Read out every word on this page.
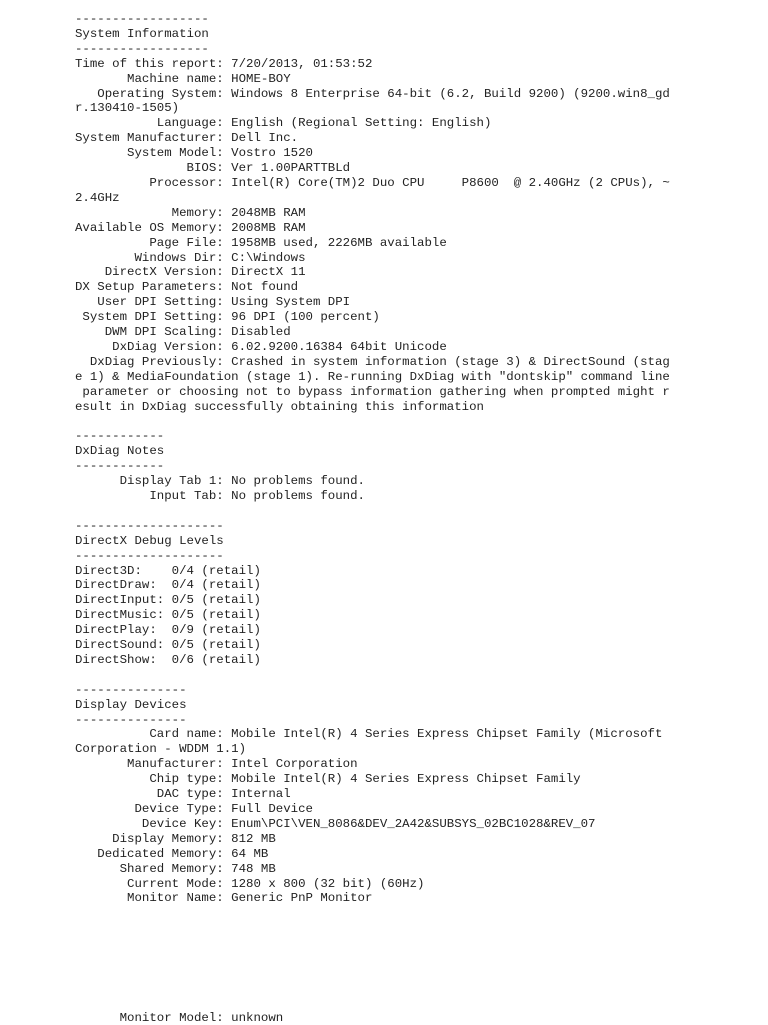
------------------
System Information
------------------
Time of this report: 7/20/2013, 01:53:52
Machine name: HOME-BOY
Operating System: Windows 8 Enterprise 64-bit (6.2, Build 9200) (9200.win8_gd
r.130410-1505)
Language: English (Regional Setting: English)
System Manufacturer: Dell Inc.
System Model: Vostro 1520
BIOS: Ver 1.00PARTTBLd
Processor: Intel(R) Core(TM)2 Duo CPU     P8600  @ 2.40GHz (2 CPUs), ~
2.4GHz
Memory: 2048MB RAM
Available OS Memory: 2008MB RAM
Page File: 1958MB used, 2226MB available
Windows Dir: C:\Windows
DirectX Version: DirectX 11
DX Setup Parameters: Not found
User DPI Setting: Using System DPI
System DPI Setting: 96 DPI (100 percent)
DWM DPI Scaling: Disabled
DxDiag Version: 6.02.9200.16384 64bit Unicode
DxDiag Previously: Crashed in system information (stage 3) & DirectSound (stag
e 1) & MediaFoundation (stage 1). Re-running DxDiag with "dontskip" command line
parameter or choosing not to bypass information gathering when prompted might r
esult in DxDiag successfully obtaining this information
------------
DxDiag Notes
------------
Display Tab 1: No problems found.
Input Tab: No problems found.
--------------------
DirectX Debug Levels
--------------------
Direct3D:    0/4 (retail)
DirectDraw:  0/4 (retail)
DirectInput: 0/5 (retail)
DirectMusic: 0/5 (retail)
DirectPlay:  0/9 (retail)
DirectSound: 0/5 (retail)
DirectShow:  0/6 (retail)
---------------
Display Devices
---------------
Card name: Mobile Intel(R) 4 Series Express Chipset Family (Microsoft
Corporation - WDDM 1.1)
Manufacturer: Intel Corporation
Chip type: Mobile Intel(R) 4 Series Express Chipset Family
DAC type: Internal
Device Type: Full Device
Device Key: Enum\PCI\VEN_8086&DEV_2A42&SUBSYS_02BC1028&REV_07
Display Memory: 812 MB
Dedicated Memory: 64 MB
Shared Memory: 748 MB
Current Mode: 1280 x 800 (32 bit) (60Hz)
Monitor Name: Generic PnP Monitor
Monitor Model: unknown
